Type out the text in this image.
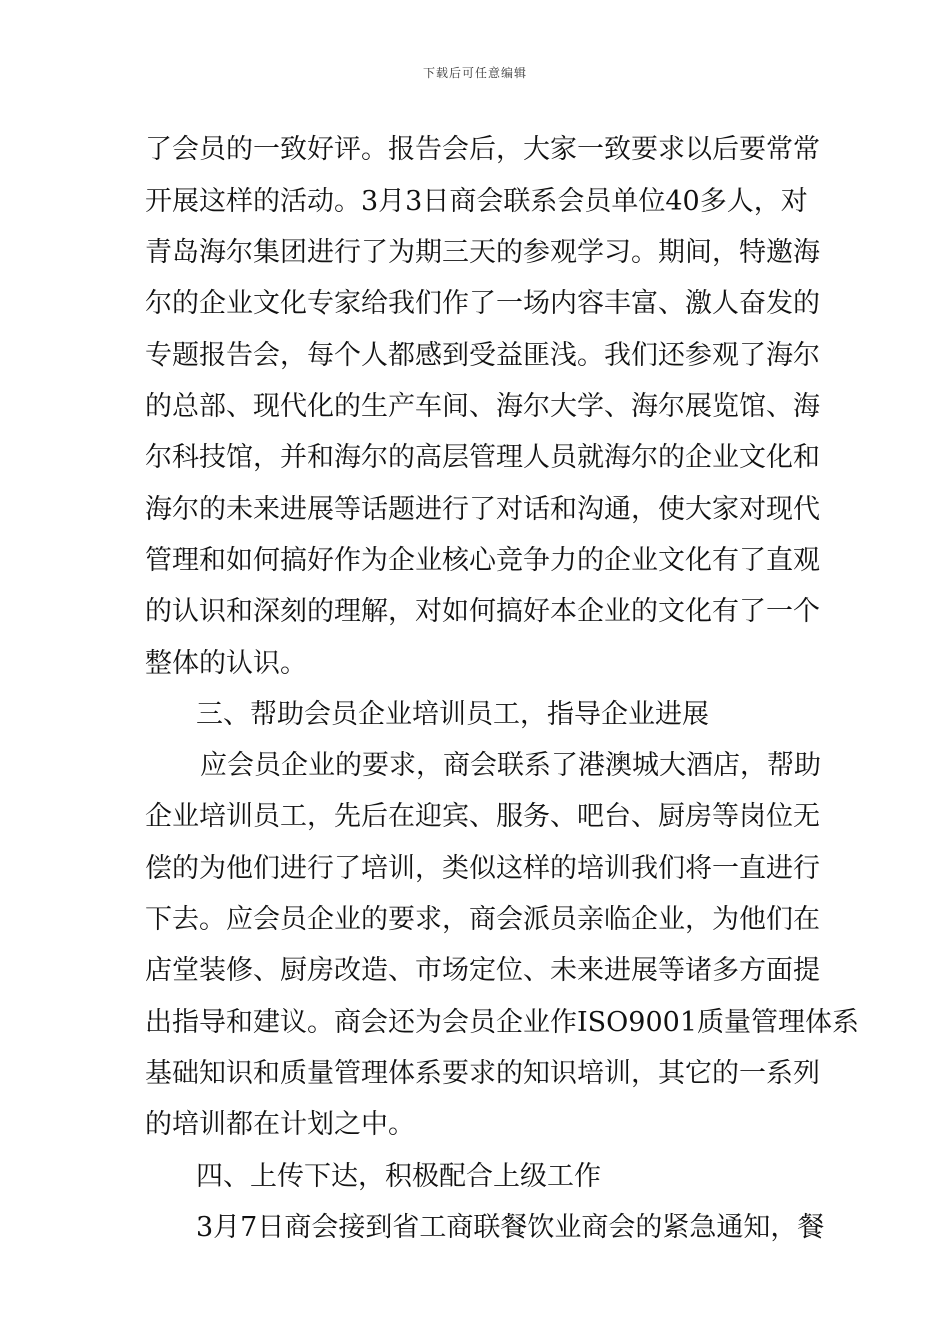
下载后可任意编辑
了会员的一致好评。报告会后，大家一致要求以后要常常
开展这样的活动。3月3日商会联系会员单位40多人，对
青岛海尔集团进行了为期三天的参观学习。期间，特邀海
尔的企业文化专家给我们作了一场内容丰富、激人奋发的
专题报告会，每个人都感到受益匪浅。我们还参观了海尔
的总部、现代化的生产车间、海尔大学、海尔展览馆、海
尔科技馆，并和海尔的高层管理人员就海尔的企业文化和
海尔的未来进展等话题进行了对话和沟通，使大家对现代
管理和如何搞好作为企业核心竞争力的企业文化有了直观
的认识和深刻的理解，对如何搞好本企业的文化有了一个
整体的认识。
三、帮助会员企业培训员工，指导企业进展
应会员企业的要求，商会联系了港澳城大酒店，帮助
企业培训员工，先后在迎宾、服务、吧台、厨房等岗位无
偿的为他们进行了培训，类似这样的培训我们将一直进行
下去。应会员企业的要求，商会派员亲临企业，为他们在
店堂装修、厨房改造、市场定位、未来进展等诸多方面提
出指导和建议。商会还为会员企业作ISO9001质量管理体系
基础知识和质量管理体系要求的知识培训，其它的一系列
的培训都在计划之中。
四、上传下达，积极配合上级工作
3月7日商会接到省工商联餐饮业商会的紧急通知，餐
